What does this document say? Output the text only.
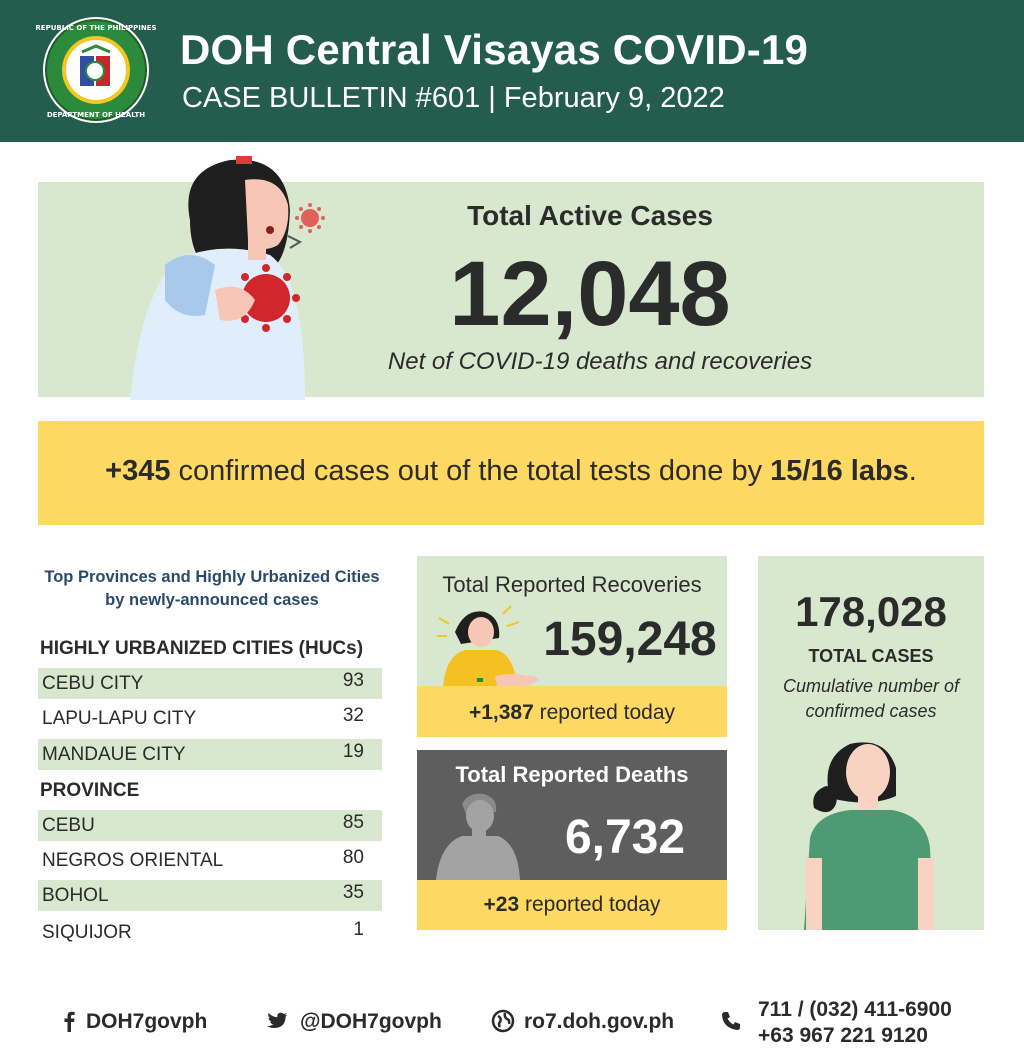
REPUBLIC OF THE PHILIPPINES
DEPARTMENT OF HEALTH
DOH Central Visayas COVID-19
CASE BULLETIN #601 | February 9, 2022
Total Active Cases
12,048
Net of COVID-19 deaths and recoveries
+345 confirmed cases out of the total tests done by 15/16 labs.
Top Provinces and Highly Urbanized Cities
by newly-announced cases
HIGHLY URBANIZED CITIES (HUCs)
CEBU CITY	93
LAPU-LAPU CITY	32
MANDAUE CITY	19
PROVINCE
CEBU	85
NEGROS ORIENTAL	80
BOHOL	35
SIQUIJOR	1
Total Reported Recoveries
159,248
+1,387 reported today
Total Reported Deaths
6,732
+23 reported today
178,028
TOTAL CASES
Cumulative number of
confirmed cases
DOH7govph	@DOH7govph	ro7.doh.gov.ph
711 / (032) 411-6900
+63 967 221 9120
